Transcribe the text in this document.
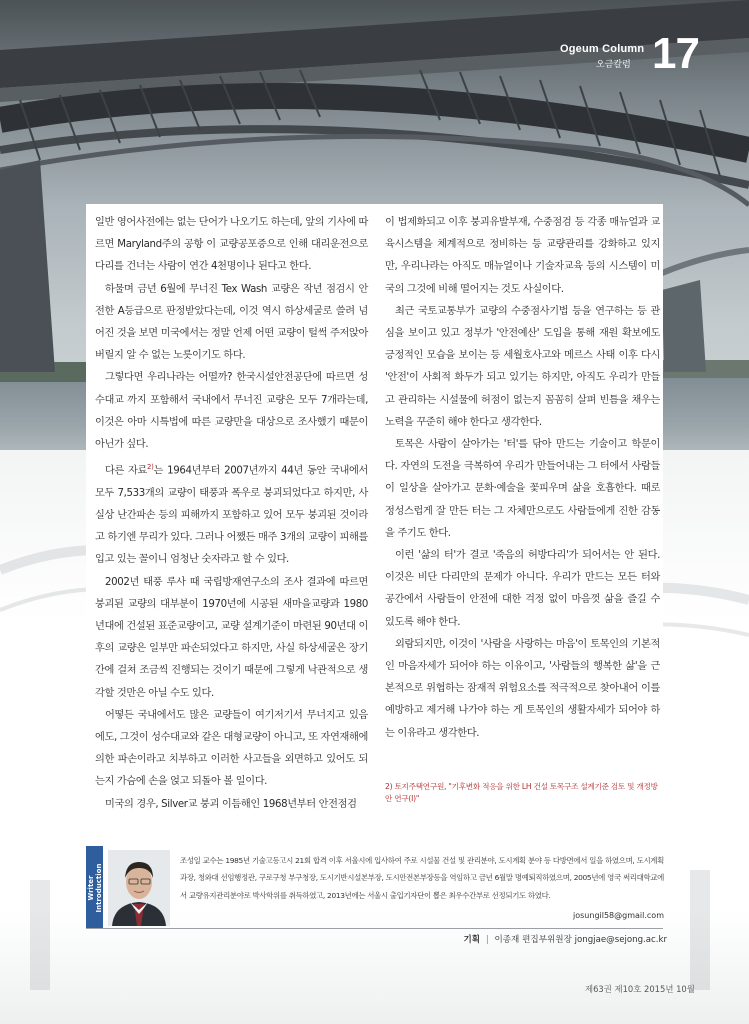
Ogeum Column
오금칼럼 17

일반 영어사전에는 없는 단어가 나오기도 하는데, 앞의 기사에 따르면 Maryland주의 공항 이 교량공포증으로 인해 대리운전으로 다리를 건너는 사람이 연간 4천명이나 된다고 한다.

하물며 금년 6월에 무너진 Tex Wash 교량은 작년 점검시 안전한 A등급으로 판정받았다는데, 이것 역시 하상세굴로 쓸려 넘어진 것을 보면 미국에서는 정말 언제 어떤 교량이 털썩 주저앉아 버릴지 알 수 없는 노릇이기도 하다.

그렇다면 우리나라는 어떨까? 한국시설안전공단에 따르면 성수대교 까지 포함해서 국내에서 무너진 교량은 모두 7개라는데, 이것은 아마 시특법에 따른 교량만을 대상으로 조사했기 때문이 아닌가 싶다.

다른 자료$^{2)}$는 1964년부터 2007년까지 44년 동안 국내에서 모두 7,533개의 교량이 태풍과 폭우로 붕괴되었다고 하지만, 사실상 난간파손 등의 피해까지 포함하고 있어 모두 붕괴된 것이라고 하기엔 무리가 있다. 그러나 어쨌든 매주 3개의 교량이 피해를 입고 있는 꼴이니 엄청난 숫자라고 할 수 있다.

2002년 태풍 루사 때 국립방재연구소의 조사 결과에 따르면 붕괴된 교량의 대부분이 1970년에 시공된 새마을교량과 1980년대에 건설된 표준교량이고, 교량 설계기준이 마련된 90년대 이후의 교량은 일부만 파손되었다고 하지만, 사실 하상세굴은 장기간에 걸쳐 조금씩 진행되는 것이기 때문에 그렇게 낙관적으로 생각할 것만은 아닐 수도 있다.

어떻든 국내에서도 많은 교량들이 여기저기서 무너지고 있음에도, 그것이 성수대교와 같은 대형교량이 아니고, 또 자연재해에 의한 파손이라고 치부하고 이러한 사고들을 외면하고 있어도 되는지 가슴에 손을 얹고 되돌아 볼 일이다.

미국의 경우, Silver교 붕괴 이듬해인 1968년부터 안전점검

이 법제화되고 이후 붕괴유발부재, 수중점검 등 각종 매뉴얼과 교육시스템을 체계적으로 정비하는 등 교량관리를 강화하고 있지만, 우리나라는 아직도 매뉴얼이나 기술자교육 등의 시스템이 미국의 그것에 비해 떨어지는 것도 사실이다.

최근 국토교통부가 교량의 수중점사기법 등을 연구하는 등 관심을 보이고 있고 정부가 '안전예산' 도입을 통해 재원 확보에도 긍정적인 모습을 보이는 등 세월호사고와 메르스 사태 이후 다시 '안전'이 사회적 화두가 되고 있기는 하지만, 아직도 우리가 만들고 관리하는 시설물에 허점이 없는지 꼼꼼히 살펴 빈틈을 채우는 노력을 꾸준히 해야 한다고 생각한다.

토목은 사람이 살아가는 '터'를 닦아 만드는 기술이고 학문이다. 자연의 도전을 극복하여 우리가 만들어내는 그 터에서 사람들이 일상을 살아가고 문화·예술을 꽃피우며 삶을 호흡한다. 때로 정성스럽게 잘 만든 터는 그 자체만으로도 사람들에게 진한 감동을 주기도 한다.

이런 '삶의 터'가 결코 '죽음의 허방다리'가 되어서는 안 된다. 이것은 비단 다리만의 문제가 아니다. 우리가 만드는 모든 터와 공간에서 사람들이 안전에 대한 걱정 없이 마음껏 삶을 즐길 수 있도록 해야 한다.

외람되지만, 이것이 '사람을 사랑하는 마음'이 토목인의 기본적인 마음자세가 되어야 하는 이유이고, '사람들의 행복한 삶'을 근본적으로 위협하는 잠재적 위험요소를 적극적으로 찾아내어 이를 예방하고 제거해 나가야 하는 게 토목인의 생활자세가 되어야 하는 이유라고 생각한다.

2) 토지주택연구원, "기후변화 적응을 위한 LH 건설 토목구조 설계기준 검토 및 개정방안 연구(Ⅰ)"
Writer Introduction
조성일 교수는 1985년 기술고등고시 21회 합격 이후 서울시에 입사하여 주로 시설물 건설 및 관리분야, 도시계획 분야 등 다방면에서 일을 하였으며, 도시계획과장, 청와대 선임행정관, 구로구청 부구청장, 도시기반시설본부장, 도시안전본부장등을 역임하고 금년 6월말 명예퇴직하였으며, 2005년에 영국 써리대학교에서 교량유지관리분야로 박사학위를 취득하였고, 2013년에는 서울시 출입기자단이 뽑은 최우수간부로 선정되기도 하였다.
josungil58@gmail.com
기획 | 이종재 편집부위원장 jongjae@sejong.ac.kr
제63권 제10호 2015년 10월
